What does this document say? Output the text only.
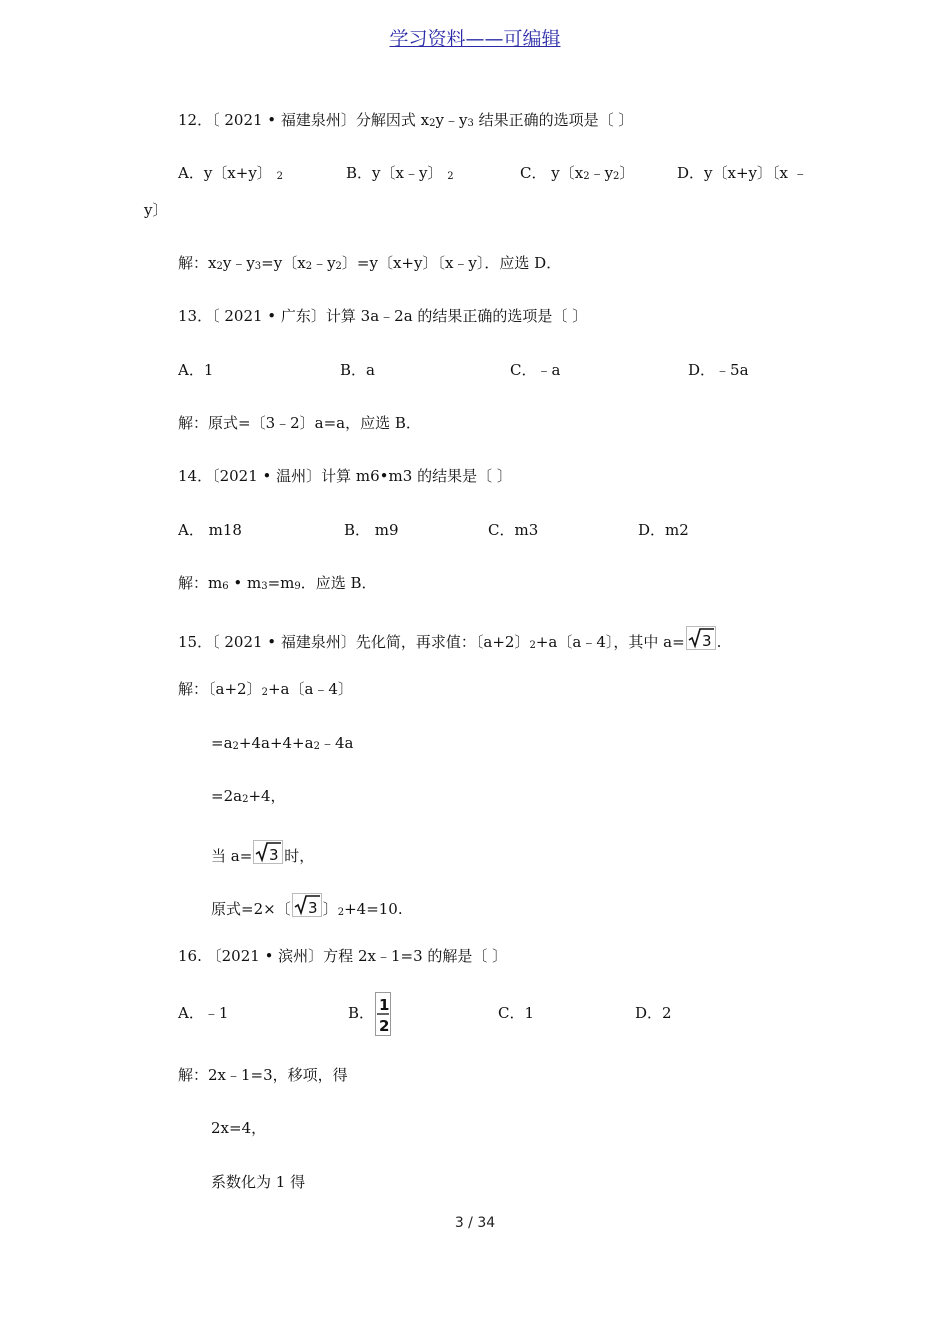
学习资料——可编辑
12．〔 2021 • 福建泉州〕分解因式 $x^2y﹣y^3$ 结果正确的选项是〔 〕
A．y〔x+y〕 2	B．y〔x﹣y〕 2	C． y〔x2﹣y2〕	D．y〔x+y〕〔x ﹣
y〕
解：x2y﹣y3=y〔x2﹣y2〕=y〔x+y〕〔x﹣y〕．应选 D．
13．〔 2021 • 广东〕计算 3a﹣2a 的结果正确的选项是〔 〕
A．1	B．a	C．﹣a	D．﹣5a
解：原式=〔3﹣2〕a=a，应选 B．
14．〔2021 • 温州〕计算 m6•m3 的结果是〔 〕
A． m18	B． m9	C．m3	D．m2
解：m6 • m3=m9．应选 B．
15．〔 2021 • 福建泉州〕先化简，再求值：〔a+2〕2+a〔a﹣4〕，其中 a= 3 .
解：〔a+2〕2+a〔a﹣4〕
=a2+4a+4+a2﹣4a
=2a2+4，
当 a= 3 时，
原式=2×〔 3 〕2+4=10.
16. 〔2021 • 滨州〕方程 2x﹣1=3 的解是〔 〕
A．﹣1	B． 1
2
C．1	D．2
解：2x﹣1=3，移项，得
2x=4，
系数化为 1 得
3 / 34
